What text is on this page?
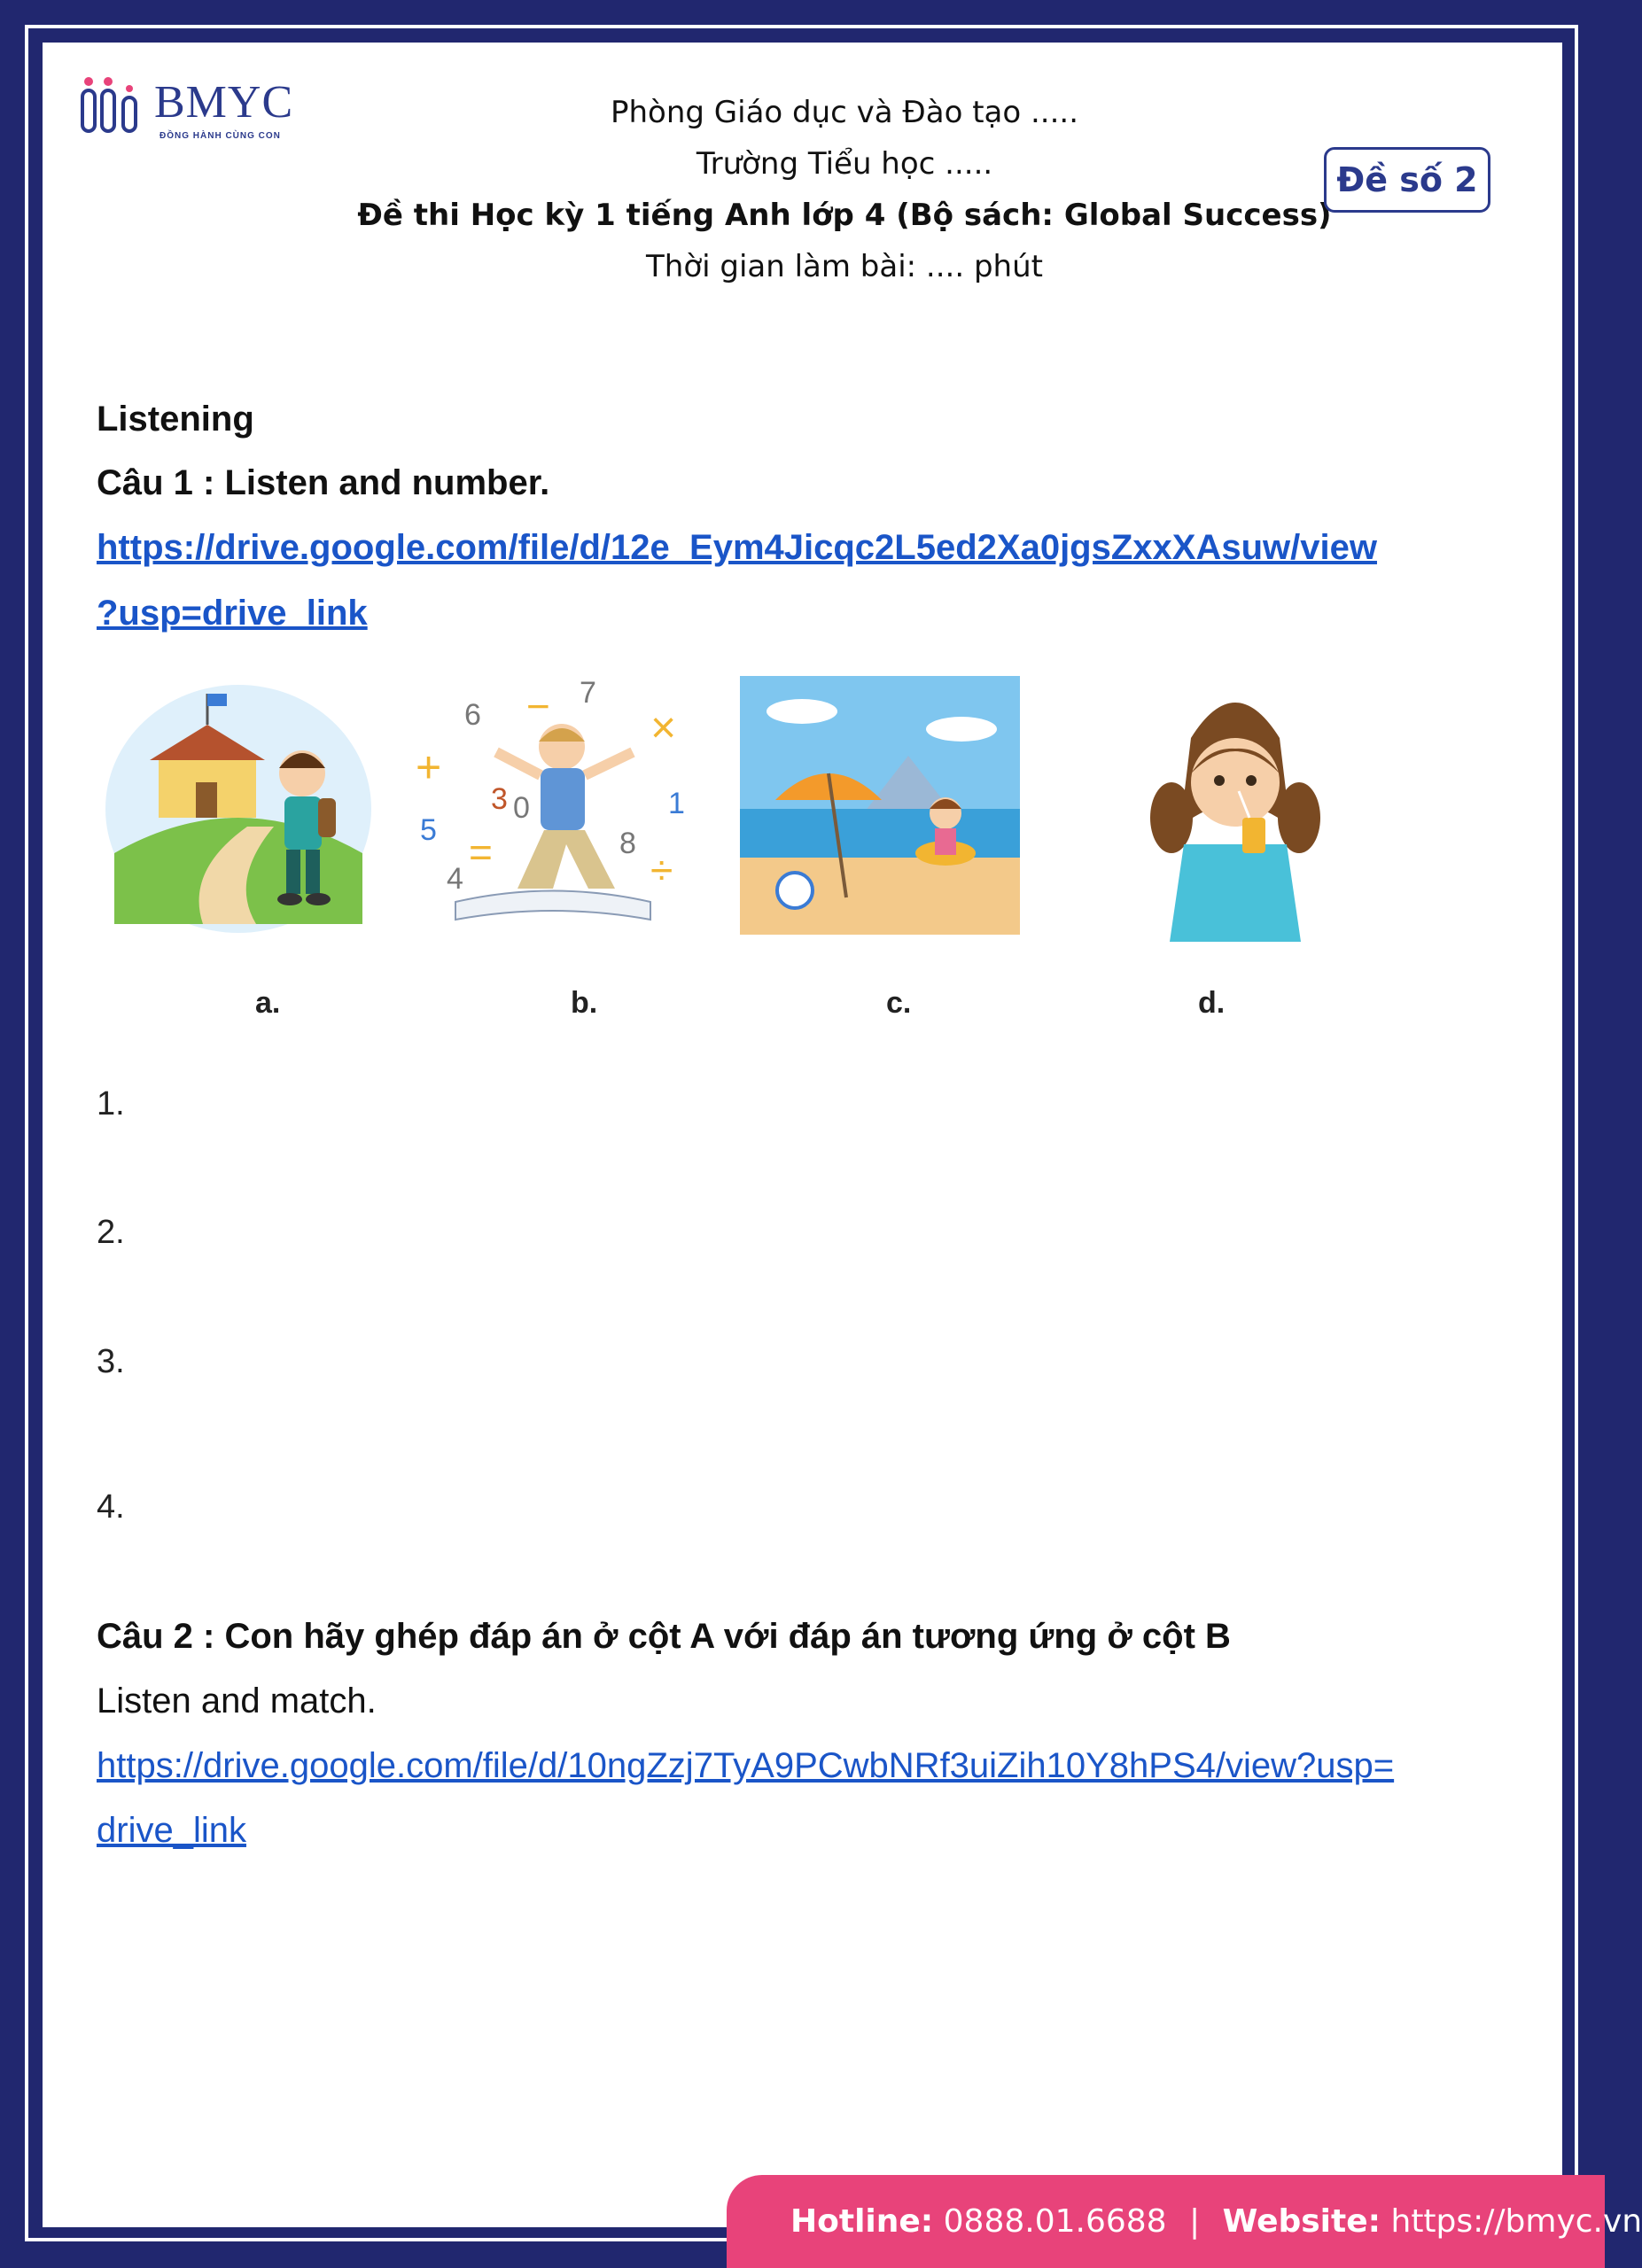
BMYC
ĐỒNG HÀNH CÙNG CON
Phòng Giáo dục và Đào tạo .....
Trường Tiểu học .....
Đề thi Học kỳ 1 tiếng Anh lớp 4 (Bộ sách: Global Success)
Thời gian làm bài: .... phút
Đề số 2
Listening
Câu 1 : Listen and number.
https://drive.google.com/file/d/12e_Eym4Jicqc2L5ed2Xa0jgsZxxXAsuw/view
?usp=drive_link
a.
6
7
3 0
5
4
8
1
+
×
÷
=
−
b.	c.	d.
1.
2.
3.
4.
Câu 2 : Con hãy ghép đáp án ở cột A với đáp án tương ứng ở cột B
Listen and match.
https://drive.google.com/file/d/10ngZzj7TyA9PCwbNRf3uiZih10Y8hPS4/view?usp=
drive_link
Hotline: 0888.01.6688 | Website: https://bmyc.vn
